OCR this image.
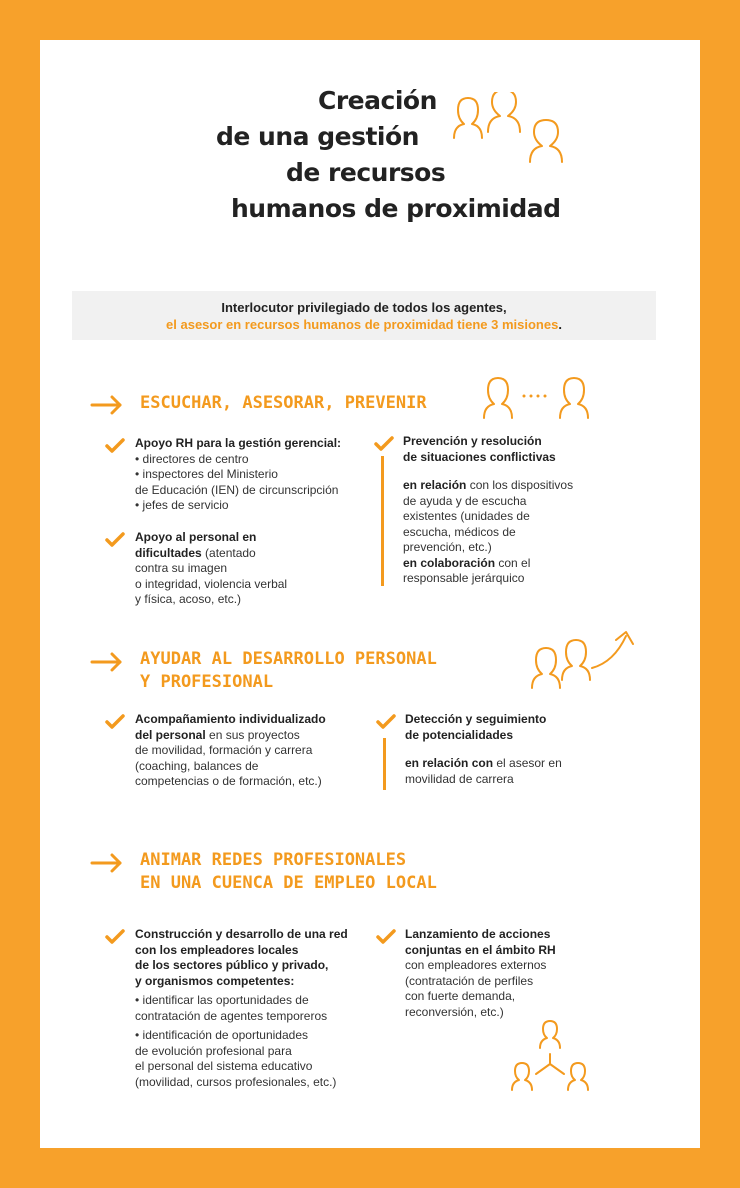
Creación
de una gestión
de recursos
humanos de proximidad
Interlocutor privilegiado de todos los agentes,
el asesor en recursos humanos de proximidad tiene 3 misiones.
ESCUCHAR, ASESORAR, PREVENIR
Apoyo RH para la gestión gerencial:
• directores de centro
• inspectores del Ministerio
de Educación (IEN) de circunscripción
• jefes de servicio
Apoyo al personal en
dificultades (atentado
contra su imagen
o integridad, violencia verbal
y física, acoso, etc.)
Prevención y resolución
de situaciones conflictivas
en relación con los dispositivos
de ayuda y de escucha
existentes (unidades de
escucha, médicos de
prevención, etc.)
en colaboración con el
responsable jerárquico
AYUDAR AL DESARROLLO PERSONAL
Y PROFESIONAL
Acompañamiento individualizado
del personal en sus proyectos
de movilidad, formación y carrera
(coaching, balances de
competencias o de formación, etc.)
Detección y seguimiento
de potencialidades
en relación con el asesor en
movilidad de carrera
ANIMAR REDES PROFESIONALES
EN UNA CUENCA DE EMPLEO LOCAL
Construcción y desarrollo de una red
con los empleadores locales
de los sectores público y privado,
y organismos competentes:
• identificar las oportunidades de
contratación de agentes temporeros
• identificación de oportunidades
de evolución profesional para
el personal del sistema educativo
(movilidad, cursos profesionales, etc.)
Lanzamiento de acciones
conjuntas en el ámbito RH
con empleadores externos
(contratación de perfiles
con fuerte demanda,
reconversión, etc.)
